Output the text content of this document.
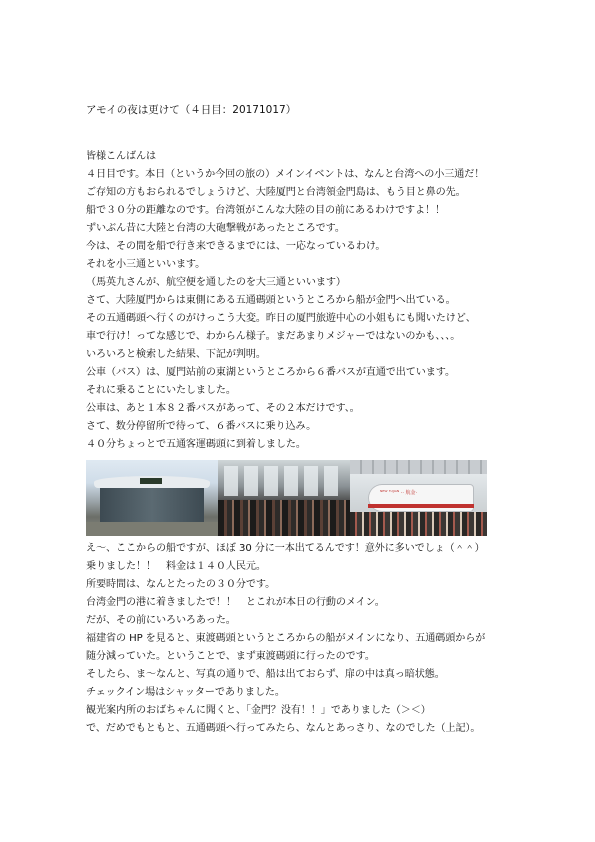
アモイの夜は更けて（４日目：20171017）
皆様こんばんは
４日目です。本日（というか今回の旅の）メインイベントは、なんと台湾への小三通だ！
ご存知の方もおられるでしょうけど、大陸厦門と台湾領金門島は、もう目と鼻の先。
船で３０分の距離なのです。台湾領がこんな大陸の目の前にあるわけですよ！！
ずいぶん昔に大陸と台湾の大砲撃戦があったところです。
今は、その間を船で行き来できるまでには、一応なっているわけ。
それを小三通といいます。
（馬英九さんが、航空便を通したのを大三通といいます）
さて、大陸厦門からは東側にある五通碼頭というところから船が金門へ出ている。
その五通碼頭へ行くのがけっこう大変。昨日の厦門旅遊中心の小姐もにも聞いたけど、
車で行け！ってな感じで、わからん様子。まだあまりメジャーではないのかも、、、。
いろいろと検索した結果、下記が判明。
公車（バス）は、厦門站前の東湖というところから６番バスが直通で出ています。
それに乗ることにいたしました。
公車は、あと１本８２番バスがあって、その２本だけです、。
さて、数分停留所で待って、６番バスに乗り込み。
４０分ちょっとで五通客運碼頭に到着しました。
ᴺᴱᵂ ᶠᵁᴶᴵᴬᴺ ·· 航金·
え〜、ここからの船ですが、ほぼ 30 分に一本出てるんです！意外に多いでしょ（＾＾）
乗りました！！　料金は１４０人民元。
所要時間は、なんとたったの３０分です。
台湾金門の港に着きましたで！！　とこれが本日の行動のメイン。
だが、その前にいろいろあった。
福建省の HP を見ると、東渡碼頭というところからの船がメインになり、五通碼頭からが
随分減っていた。ということで、まず東渡碼頭に行ったのです。
そしたら、ま〜なんと、写真の通りで、船は出ておらず、扉の中は真っ暗状態。
チェックイン場はシャッターでありました。
観光案内所のおばちゃんに聞くと、「金門？没有！！」でありました（＞＜）
で、だめでもともと、五通碼頭へ行ってみたら、なんとあっさり、なのでした（上記）。
